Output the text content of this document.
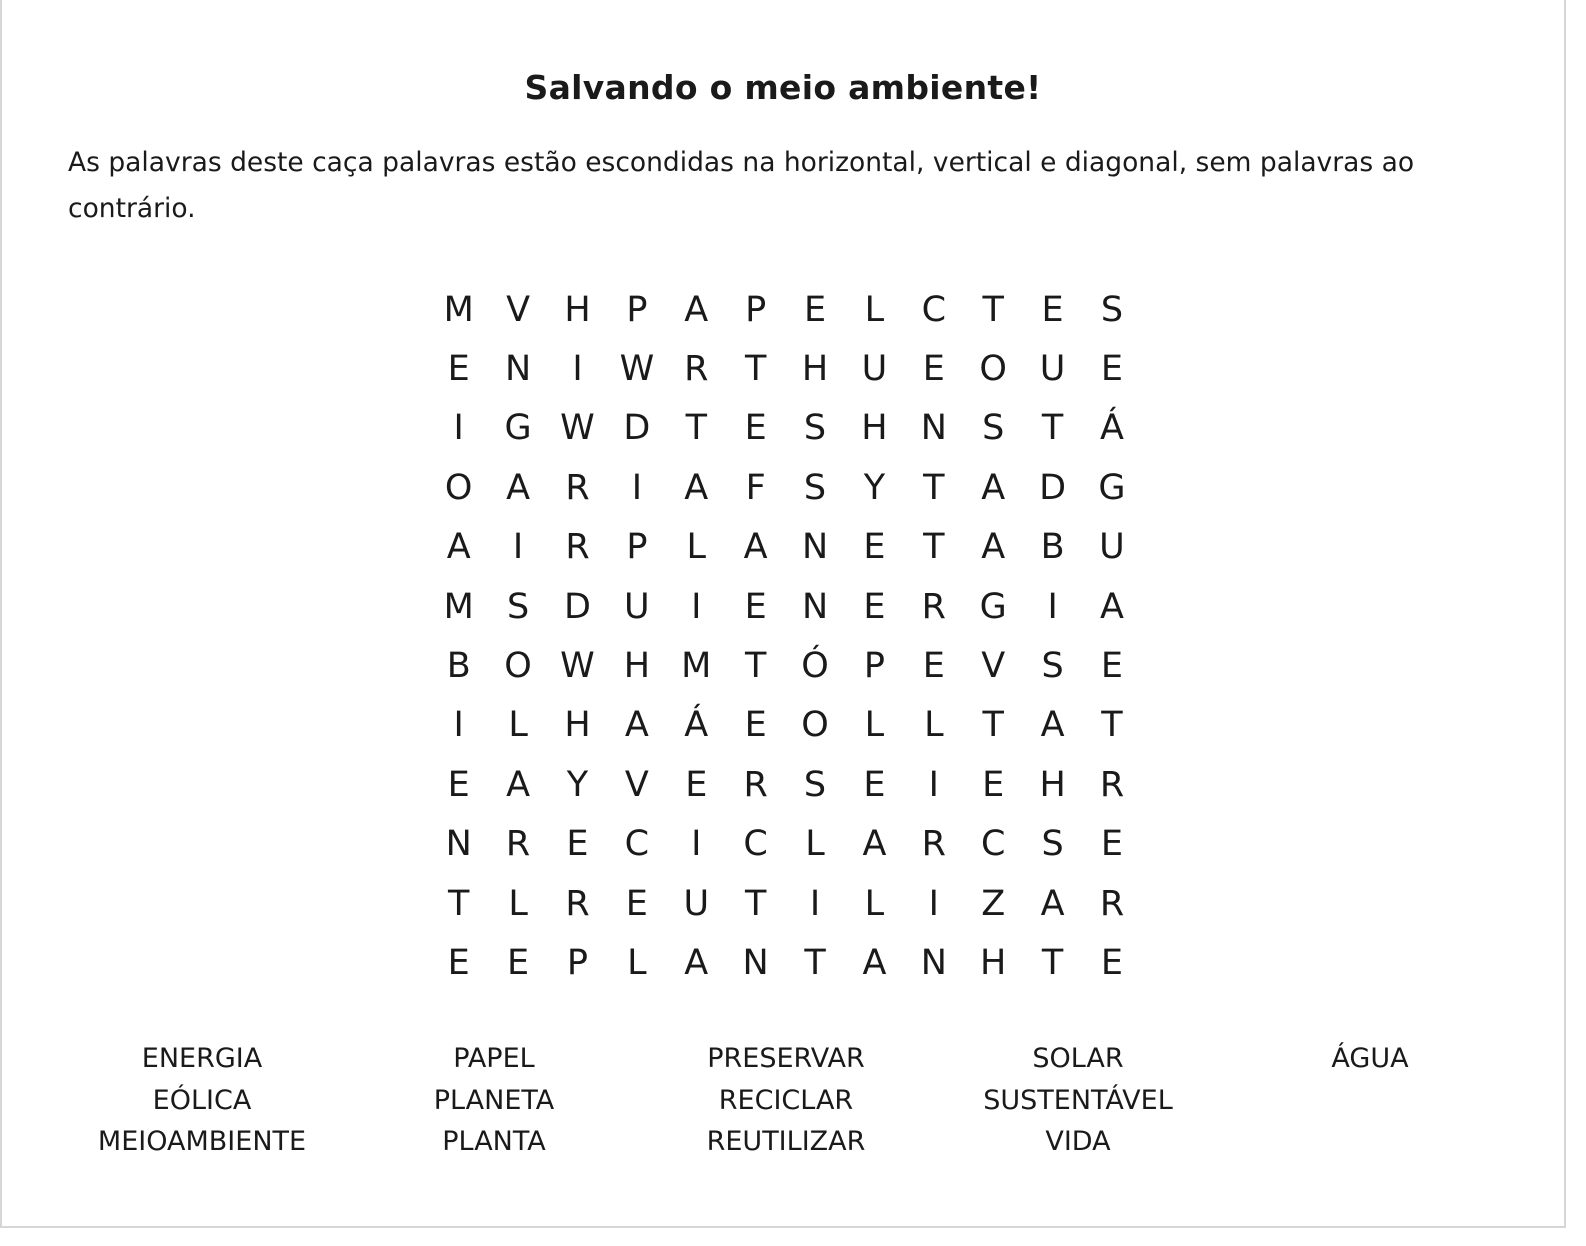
Salvando o meio ambiente!
As palavras deste caça palavras estão escondidas na horizontal, vertical e diagonal, sem palavras ao contrário.
M V H	P	A	P	E	L	C	T	E	S
E	N	I	W R	T	H U	E O U	E
I	G W D	T	E	S	H N	S	T	Á
O A	R	I	A	F	S	Y	T	A D G
A	I	R	P	L	A N	E	T	A	B U
M S D U	I	E	N	E	R G	I	A
B O W H M T Ó	P	E	V	S	E
I	L	H A	Á	E O	L	L	T	A	T
E	A	Y	V	E	R	S	E	I	E	H R
N R	E	C	I	C	L	A	R	C	S	E
T	L	R	E	U	T	I	L	I	Z	A	R
E	E	P	L	A N	T	A N H	T	E
ENERGIA
EÓLICA
MEIOAMBIENTE
PAPEL
PLANETA
PLANTA
PRESERVAR
RECICLAR
REUTILIZAR
SOLAR
SUSTENTÁVEL
VIDA
ÁGUA
